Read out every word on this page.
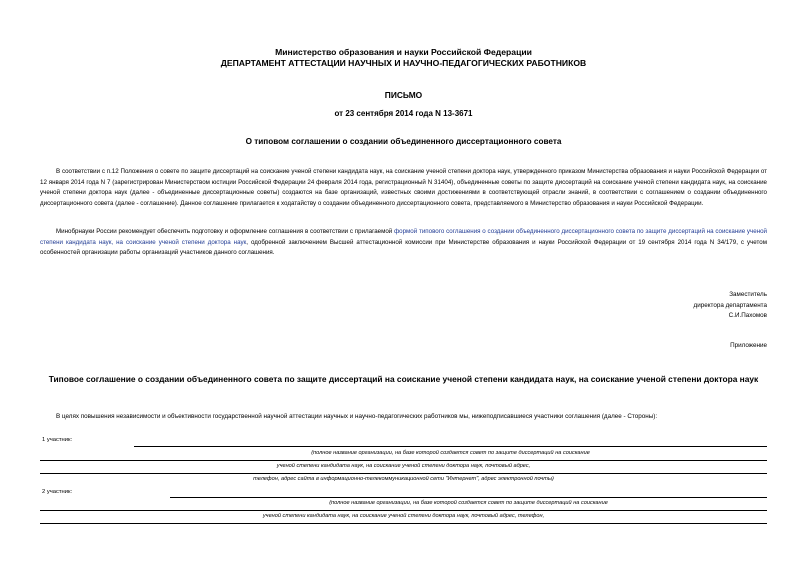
Министерство образования и науки Российской Федерации
ДЕПАРТАМЕНТ АТТЕСТАЦИИ НАУЧНЫХ И НАУЧНО-ПЕДАГОГИЧЕСКИХ РАБОТНИКОВ
ПИСЬМО
от 23 сентября 2014 года N 13-3671
О типовом соглашении о создании объединенного диссертационного совета
В соответствии с п.12 Положения о совете по защите диссертаций на соискание ученой степени кандидата наук, на соискание ученой степени доктора наук, утвержденного приказом Министерства образования и науки Российской Федерации от 12 января 2014 года N 7 (зарегистрирован Министерством юстиции Российской Федерации 24 февраля 2014 года, регистрационный N 31404), объединенные советы по защите диссертаций на соискание ученой степени кандидата наук, на соискание ученой степени доктора наук (далее - объединенные диссертационные советы) создаются на базе организаций, известных своими достижениями в соответствующей отрасли знаний, в соответствии с соглашением о создании объединенного диссертационного совета (далее - соглашение). Данное соглашение прилагается к ходатайству о создании объединенного диссертационного совета, представляемого в Министерство образования и науки Российской Федерации.
Минобрнауки России рекомендует обеспечить подготовку и оформление соглашения в соответствии с прилагаемой формой типового соглашения о создании объединенного диссертационного совета по защите диссертаций на соискание ученой степени кандидата наук, на соискание ученой степени доктора наук, одобренной заключением Высшей аттестационной комиссии при Министерстве образования и науки Российской Федерации от 19 сентября 2014 года N 34/179, с учетом особенностей организации работы организаций участников данного соглашения.
Заместитель
директора департамента
С.И.Пахомов
Приложение
Типовое соглашение о создании объединенного совета по защите диссертаций на соискание ученой степени кандидата наук, на соискание ученой степени доктора наук
В целях повышения независимости и объективности государственной научной аттестации научных и научно-педагогических работников мы, нижеподписавшиеся участники соглашения (далее - Стороны):
1 участник:
(полное название организации, на базе которой создается совет по защите диссертаций на соискание
ученой степени кандидата наук, на соискание ученой степени доктора наук, почтовый адрес,
телефон, адрес сайта в информационно-телекоммуникационной сети "Интернет", адрес электронной почты)
2 участник:
(полное название организации, на базе которой создается совет по защите диссертаций на соискание
ученой степени кандидата наук, на соискание ученой степени доктора наук, почтовый адрес, телефон,
